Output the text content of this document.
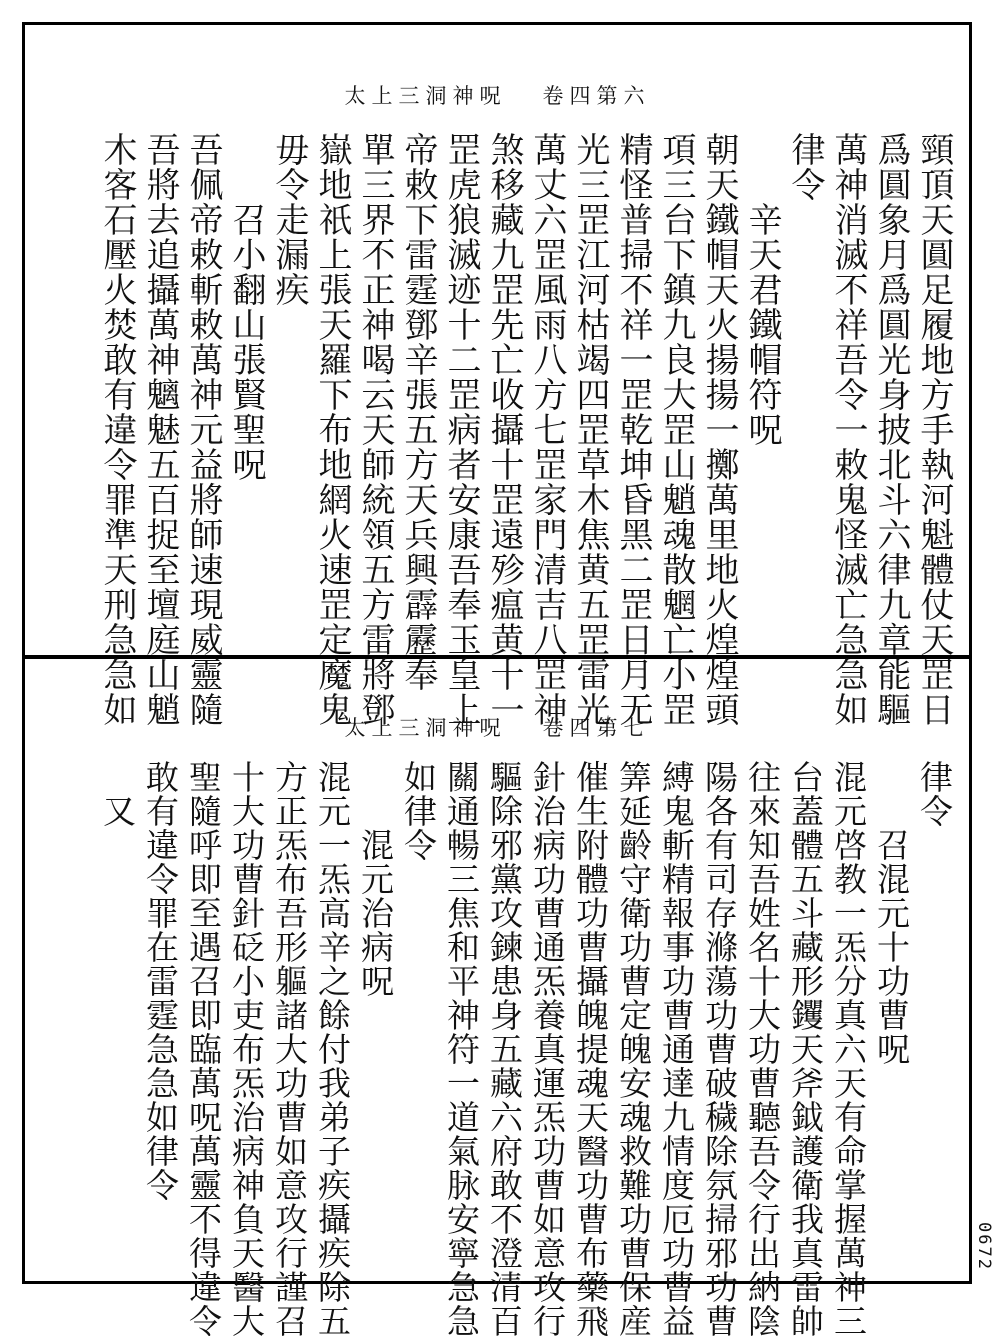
太上三洞神呪 卷四第六
頸頂天圓足履地方手執河魁體仗天罡日
爲圓象月爲圓光身披北斗六律九章能驅
萬神消滅不祥吾令一敕鬼怪滅亡急急如
律令
　　辛天君鐵帽符呪
朝天鐵帽天火揚揚一擲萬里地火煌煌頭
項三台下鎮九良大罡山魈魂散魍亡小罡
精怪普掃不祥一罡乾坤昏黑二罡日月无
光三罡江河枯竭四罡草木焦黄五罡雷光
萬丈六罡風雨八方七罡家門清吉八罡神
煞移藏九罡先亡收攝十罡遠殄瘟黄十一
罡虎狼滅迹十二罡病者安康吾奉玉皇上
帝敕下雷霆鄧辛張五方天兵興霹靂奉
單三界不正神喝云天師統領五方雷將鄧
嶽地祇上張天羅下布地網火速罡定魔鬼
毋令走漏疾
　　召小翻山張賢聖呪
吾佩帝敕斬敕萬神元益將師速現威靈隨
吾將去追攝萬神魑魅五百捉至壇庭山魈
木客石壓火焚敢有違令罪準天刑急急如
太上三洞神呪 卷四第七
律令
　　召混元十功曹呪
混元啓教一炁分真六天有命掌握萬神三
台蓋體五斗藏形钁天斧鉞護衛我真雷帥
往來知吾姓名十大功曹聽吾令行出納陰
陽各有司存滌蕩功曹破穢除氛掃邪功曹
縛鬼斬精報事功曹通達九情度厄功曹益
筭延齡守衛功曹定魄安魂救難功曹保産
催生附體功曹攝魄提魂天醫功曹布藥飛
針治病功曹通炁養真運炁功曹如意攻行
驅除邪黨攻鍊患身五藏六府敢不澄清百
關通暢三焦和平神符一道氣脉安寧急急
如律令
　　混元治病呪
混元一炁高辛之餘付我弟子疾攝疾除五
方正炁布吾形軀諸大功曹如意攻行謹召
十大功曹針砭小吏布炁治病神負天醫大
聖隨呼即至遇召即臨萬呪萬靈不得違令
敢有違令罪在雷霆急急如律令
　又
0672
